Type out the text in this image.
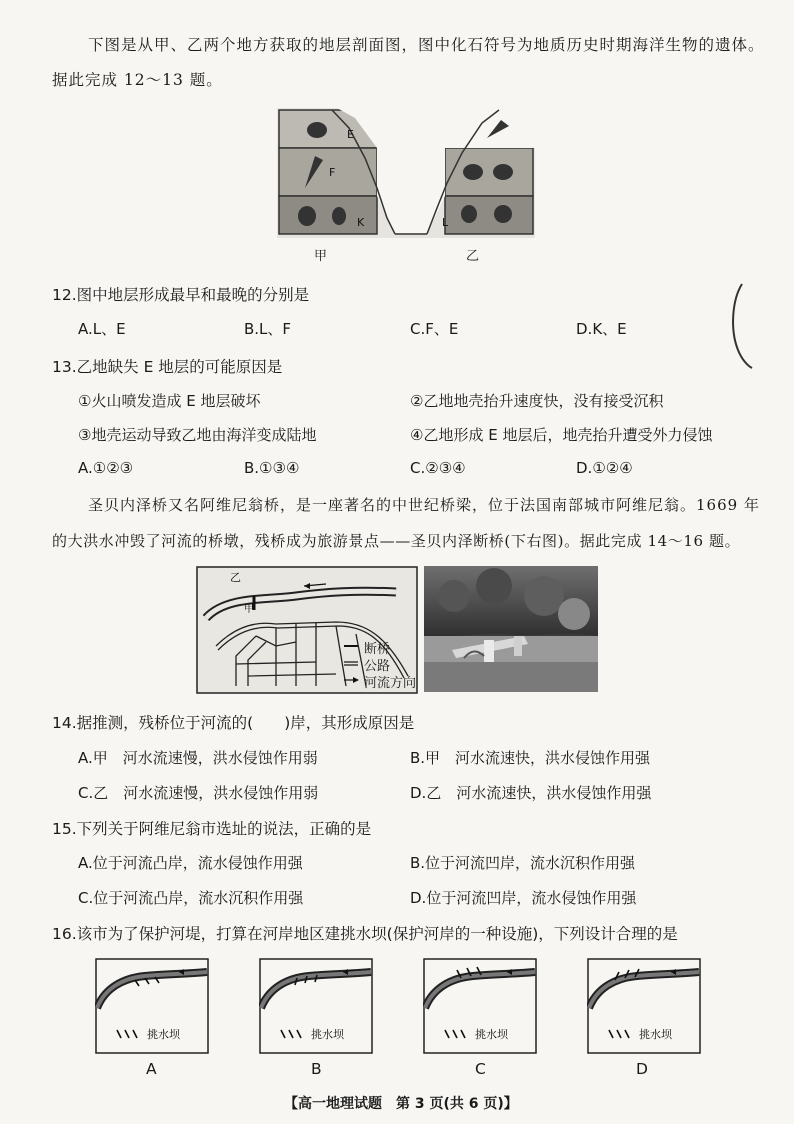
下图是从甲、乙两个地方获取的地层剖面图，图中化石符号为地质历史时期海洋生物的遗体。
据此完成 12～13 题。
E
F
K	L
甲	乙
12.图中地层形成最早和最晚的分别是
A.L、E	B.L、F	C.F、E	D.K、E
13.乙地缺失 E 地层的可能原因是
①火山喷发造成 E 地层破坏	②乙地地壳抬升速度快，没有接受沉积
③地壳运动导致乙地由海洋变成陆地	④乙地形成 E 地层后，地壳抬升遭受外力侵蚀
A.①②③	B.①③④	C.②③④	D.①②④
圣贝内泽桥又名阿维尼翁桥，是一座著名的中世纪桥梁，位于法国南部城市阿维尼翁。1669 年
的大洪水冲毁了河流的桥墩，残桥成为旅游景点——圣贝内泽断桥(下右图)。据此完成 14～16 题。
乙
甲
断桥
公路
河流方向
14.据推测，残桥位于河流的(　　)岸，其形成原因是
A.甲　河水流速慢，洪水侵蚀作用弱	B.甲　河水流速快，洪水侵蚀作用强
C.乙　河水流速慢，洪水侵蚀作用弱	D.乙　河水流速快，洪水侵蚀作用强
15.下列关于阿维尼翁市选址的说法，正确的是
A.位于河流凸岸，流水侵蚀作用强	B.位于河流凹岸，流水沉积作用强
C.位于河流凸岸，流水沉积作用强	D.位于河流凹岸，流水侵蚀作用强
16.该市为了保护河堤，打算在河岸地区建挑水坝(保护河岸的一种设施)，下列设计合理的是
挑水坝	挑水坝	挑水坝	挑水坝
A	B	C	D
【高一地理试题　第 3 页(共 6 页)】
